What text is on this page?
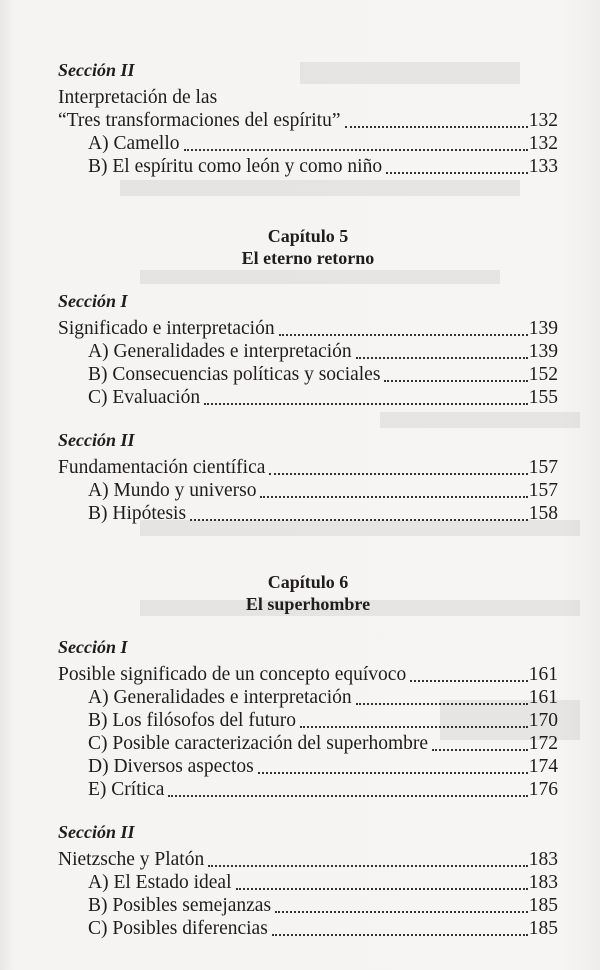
Sección II
Interpretación de las
“Tres transformaciones del espíritu”	132
A) Camello	132
B) El espíritu como león y como niño	133
Capítulo 5
El eterno retorno
Sección I
Significado e interpretación	139
A) Generalidades e interpretación	139
B) Consecuencias políticas y sociales	152
C) Evaluación	155
Sección II
Fundamentación científica	157
A) Mundo y universo	157
B) Hipótesis	158
Capítulo 6
El superhombre
Sección I
Posible significado de un concepto equívoco	161
A) Generalidades e interpretación	161
B) Los filósofos del futuro	170
C) Posible caracterización del superhombre	172
D) Diversos aspectos	174
E) Crítica	176
Sección II
Nietzsche y Platón	183
A) El Estado ideal	183
B) Posibles semejanzas	185
C) Posibles diferencias	185
